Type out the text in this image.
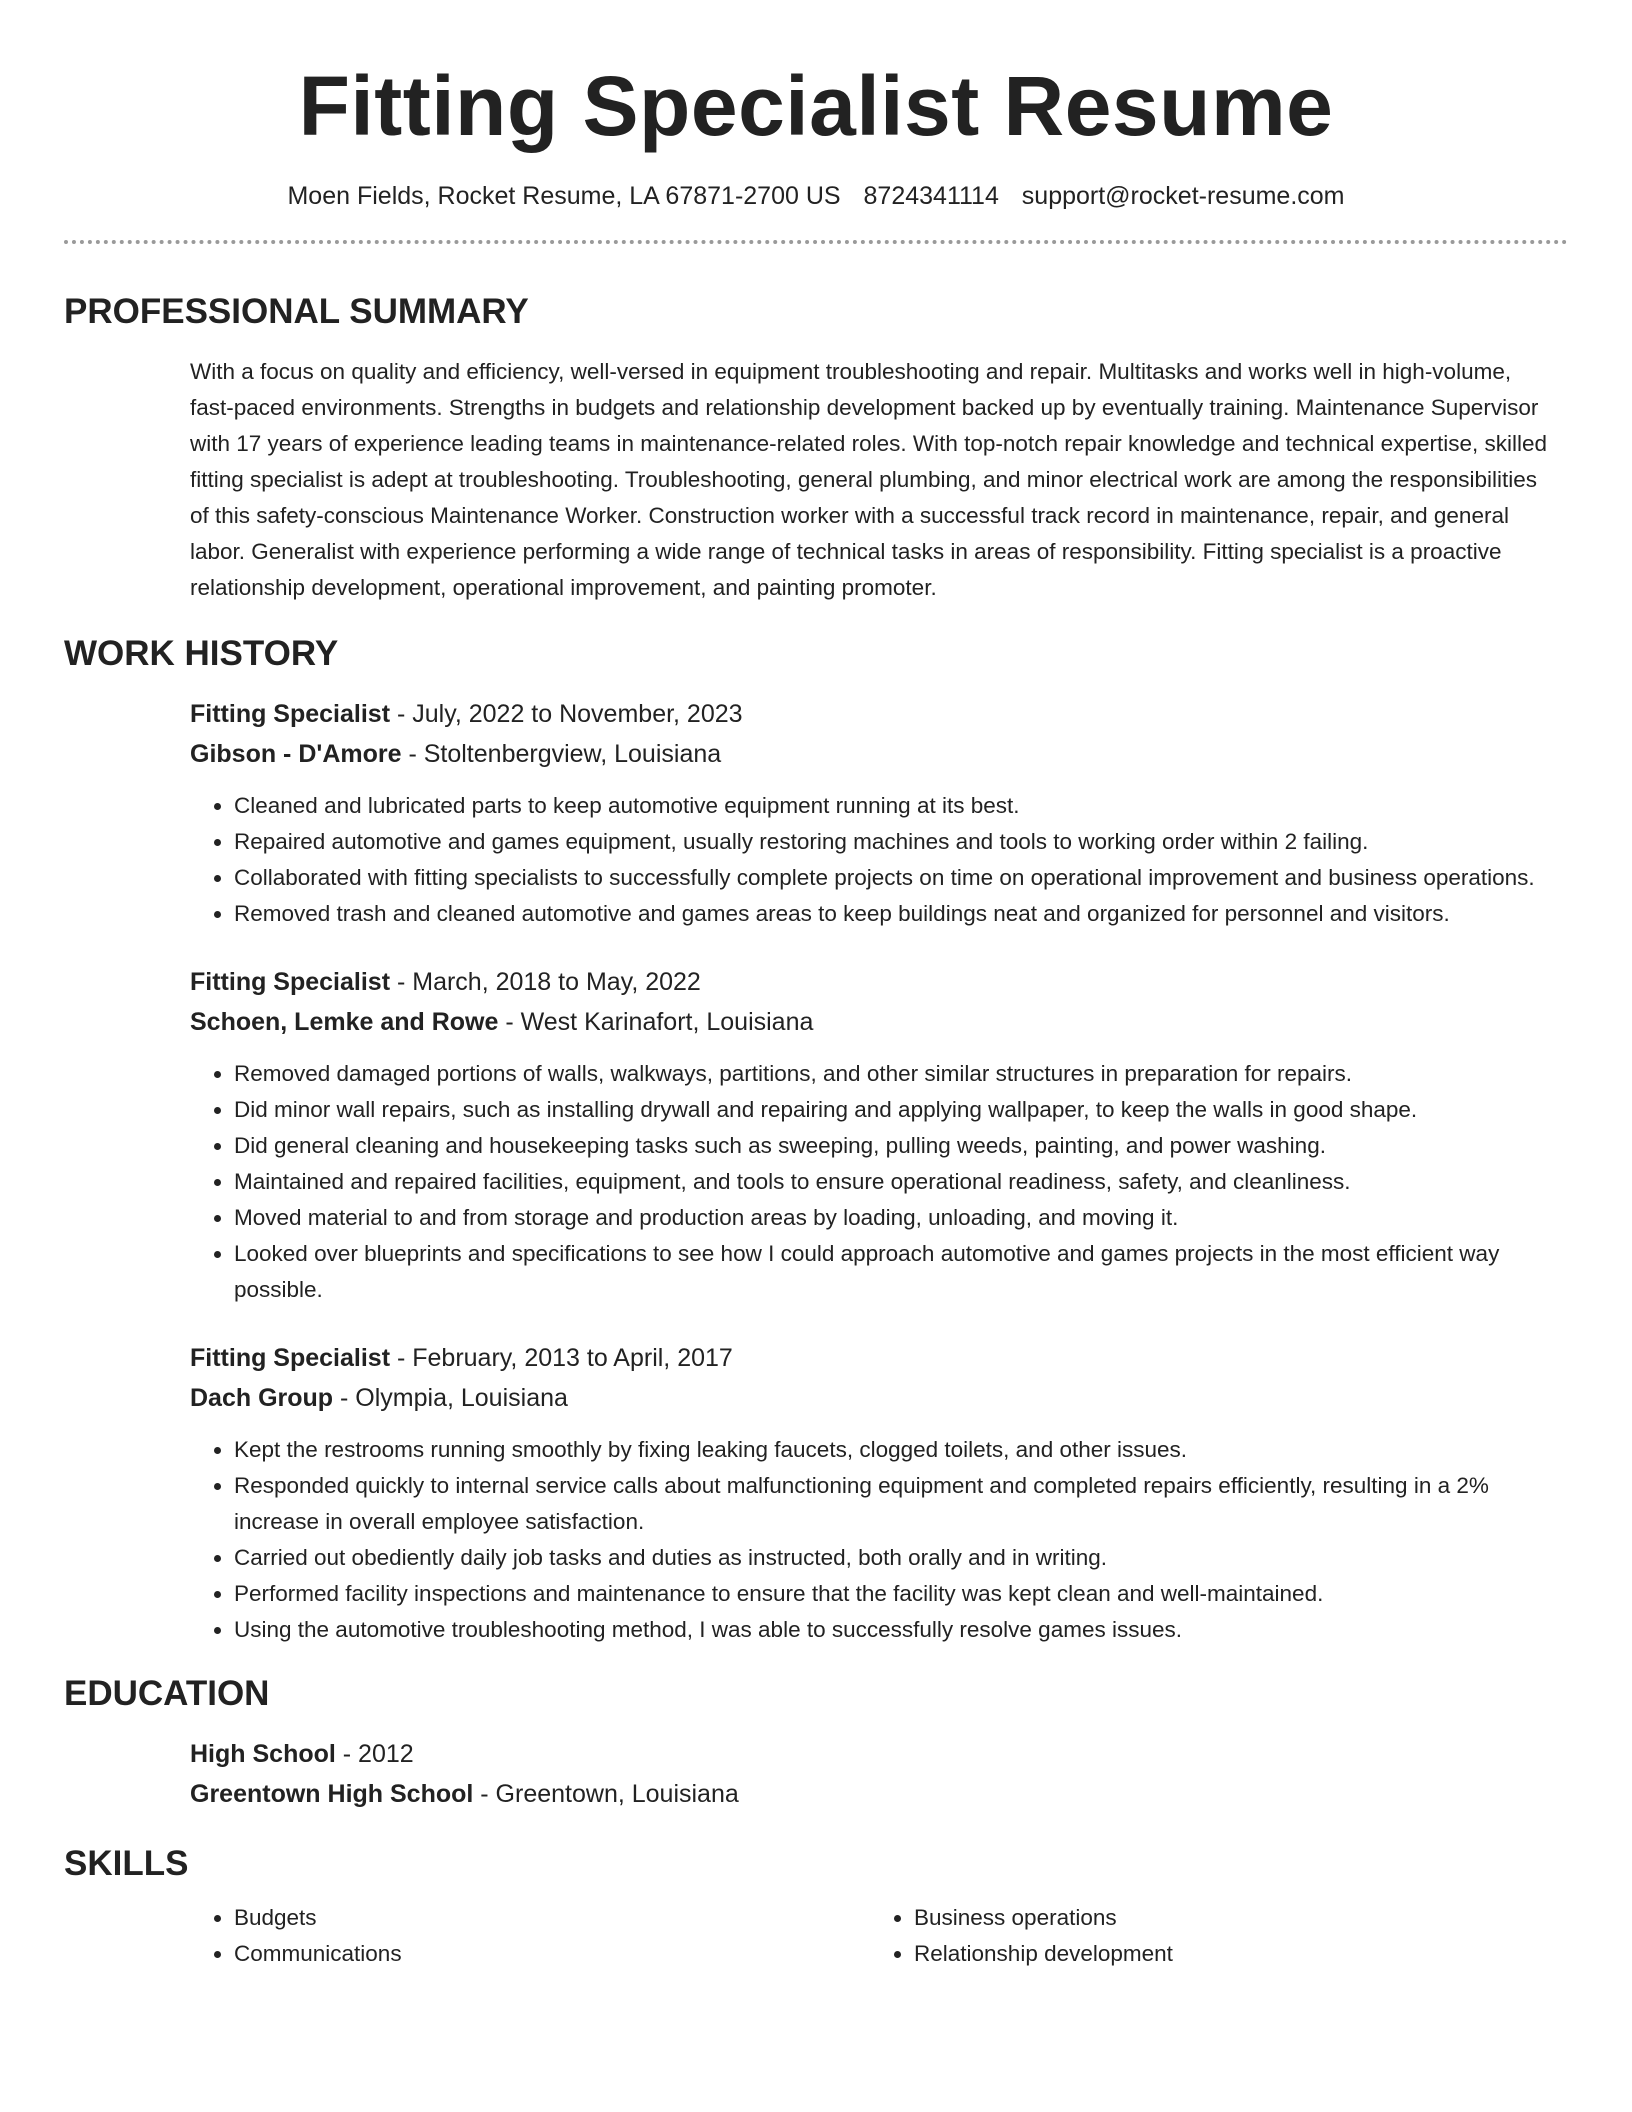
Fitting Specialist Resume
Moen Fields, Rocket Resume, LA 67871-2700 US 8724341114 support@rocket-resume.com
PROFESSIONAL SUMMARY
With a focus on quality and efficiency, well-versed in equipment troubleshooting and repair. Multitasks and works well in high-volume, fast-paced environments. Strengths in budgets and relationship development backed up by eventually training. Maintenance Supervisor with 17 years of experience leading teams in maintenance-related roles. With top-notch repair knowledge and technical expertise, skilled fitting specialist is adept at troubleshooting. Troubleshooting, general plumbing, and minor electrical work are among the responsibilities of this safety-conscious Maintenance Worker. Construction worker with a successful track record in maintenance, repair, and general labor. Generalist with experience performing a wide range of technical tasks in areas of responsibility. Fitting specialist is a proactive relationship development, operational improvement, and painting promoter.
WORK HISTORY
Fitting Specialist - July, 2022 to November, 2023
Gibson - D'Amore - Stoltenbergview, Louisiana
• Cleaned and lubricated parts to keep automotive equipment running at its best.
• Repaired automotive and games equipment, usually restoring machines and tools to working order within 2 failing.
• Collaborated with fitting specialists to successfully complete projects on time on operational improvement and business operations.
• Removed trash and cleaned automotive and games areas to keep buildings neat and organized for personnel and visitors.
Fitting Specialist - March, 2018 to May, 2022
Schoen, Lemke and Rowe - West Karinafort, Louisiana
• Removed damaged portions of walls, walkways, partitions, and other similar structures in preparation for repairs.
• Did minor wall repairs, such as installing drywall and repairing and applying wallpaper, to keep the walls in good shape.
• Did general cleaning and housekeeping tasks such as sweeping, pulling weeds, painting, and power washing.
• Maintained and repaired facilities, equipment, and tools to ensure operational readiness, safety, and cleanliness.
• Moved material to and from storage and production areas by loading, unloading, and moving it.
• Looked over blueprints and specifications to see how I could approach automotive and games projects in the most efficient way possible.
Fitting Specialist - February, 2013 to April, 2017
Dach Group - Olympia, Louisiana
• Kept the restrooms running smoothly by fixing leaking faucets, clogged toilets, and other issues.
• Responded quickly to internal service calls about malfunctioning equipment and completed repairs efficiently, resulting in a 2% increase in overall employee satisfaction.
• Carried out obediently daily job tasks and duties as instructed, both orally and in writing.
• Performed facility inspections and maintenance to ensure that the facility was kept clean and well-maintained.
• Using the automotive troubleshooting method, I was able to successfully resolve games issues.
EDUCATION
High School - 2012
Greentown High School - Greentown, Louisiana
SKILLS
• Budgets
• Communications
• Business operations
• Relationship development
